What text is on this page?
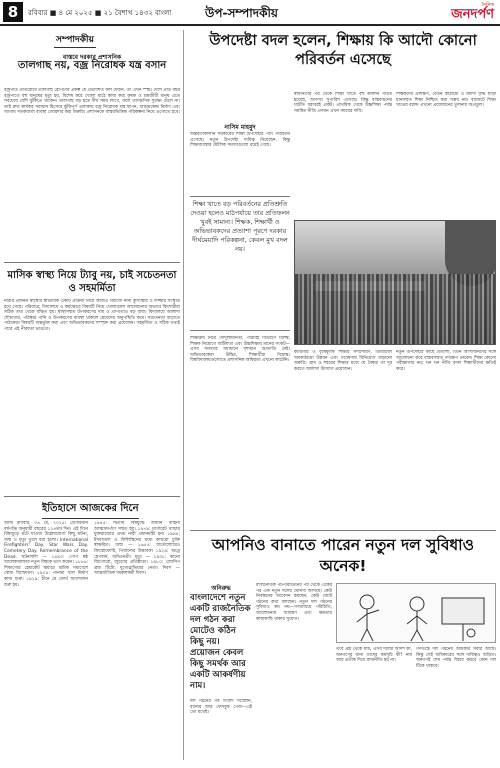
8	রবিবার ■ ৪ মে ২০২৫ ■ ২১ বৈশাখ ১৪৩২ বাংলা	উপ-সম্পাদকীয়
দৈনিক
জনদর্পণ
সম্পাদকীয়
বাস্তবে দরকার প্রশাসনিক
তালগাছ নয়, বজ্র নিরোধক যন্ত্র বসান
বজ্রপাত প্রতিরোধে তালগাছ রোপণের প্রকল্প যে প্রত্যাশিত ফল দেয়নি, তা এখন স্পষ্ট। দেশে প্রতি বছর বজ্রপাতে বহু মানুষের মৃত্যু হয়, বিশেষ করে খোলা মাঠে কাজ করা কৃষক ও শ্রমজীবী মানুষ এতে সবচেয়ে বেশি ঝুঁকিতে থাকেন। তালগাছ বড় হতে দীর্ঘ সময় লাগে, ফলে তাৎক্ষণিক সুরক্ষা মেলে না। তাই দ্রুত কার্যকর সমাধান হিসেবে ঝুঁকিপূর্ণ এলাকায় বজ্র নিরোধক যন্ত্র স্থাপন, আশ্রয়কেন্দ্র নির্মাণ এবং আগাম সতর্কবার্তা ব্যবস্থা জোরদার করা জরুরি। প্রশাসনকে বাস্তবভিত্তিক পরিকল্পনা নিয়ে এগোতে হবে।
মাসিক স্বাস্থ্য নিয়ে ট্যাবু নয়, চাই সচেতনতা ও সহমর্মিতা
নারীর প্রজনন স্বাস্থ্যের স্বাভাবিক একটি প্রক্রিয়া নিয়ে আজও সমাজে নানা কুসংস্কার ও লজ্জার সংস্কৃতি রয়ে গেছে। পরিবারে, বিদ্যালয়ে ও কর্মক্ষেত্রে বিষয়টি নিয়ে খোলামেলা আলোচনার অভাবে কিশোরীরা সঠিক তথ্য থেকে বঞ্চিত হয়। স্বাস্থ্যসম্মত উপকরণের দাম ও প্রাপ্যতাও বড় বাধা। বিদ্যালয়ে আলাদা শৌচাগার, পরিষ্কার পানি ও উপকরণের ব্যবস্থা থাকলে মেয়েদের অনুপস্থিতি কমে। সচেতনতা বাড়াতে পাঠ্যক্রমে বিষয়টি অন্তর্ভুক্ত করা এবং অভিভাবকদের সম্পৃক্ত করা প্রয়োজন। সহমর্মিতা ও সঠিক তথ্যই পারে এই নীরবতা ভাঙতে।
ইতিহাসে আজকের দিনে
আজ রবিবার, ০৪ মে, ২০২৫। গ্রেগরিয়ান বর্ষপঞ্জি অনুযায়ী বছরের ১২৪তম দিন। এই দিনে বিশ্বজুড়ে ঘটে যাওয়া উল্লেখযোগ্য কিছু ঘটনা, জন্ম ও মৃত্যু তুলে ধরা হলো। International Firefighters' Day. Star Wars Day. Cemetery Day. Remembrance of the Dead. ঘটনাবলি — ১৪৯৩: পোপ ষষ্ঠ আলেকজান্ডার নতুন বিশ্বকে ভাগ করেন। ১৮৮৬: শিকাগোর হেমার্কেট স্কয়ারে শ্রমিক সমাবেশে বোমা বিস্ফোরণ। ১৯০৪: পানামা খাল নির্মাণ কাজ শুরু। ১৯১৯: চীনে মে ফোর্থ আন্দোলন শুরু হয়।
১৯৪৫: দ্বিতীয় বিশ্বযুদ্ধে জার্মান বাহিনী আত্মসমর্পণে সম্মত হয়। ১৯৭৯: মার্গারেট থ্যাচার যুক্তরাজ্যের প্রথম নারী প্রধানমন্ত্রী হন। ১৯৯৪: ইসরায়েল ও ফিলিস্তিনের মধ্যে কায়রো চুক্তি স্বাক্ষরিত। জন্ম — ১৬৫৫: বার্তোলোমেও ক্রিস্তোফোরি, পিয়ানোর উদ্ভাবক। ১৯২৯: অড্রে হেপবার্ন, অভিনেত্রী। মৃত্যু — ১৯৩৮: কানো জিগোরো, জুডোর প্রতিষ্ঠাতা। ১৯৮০: জোসিপ ব্রজ টিটো, যুগোস্লাভিয়ার নেতা। দিবস — আন্তর্জাতিক দমকলকর্মী দিবস।
উপদেষ্টা বদল হলেন, শিক্ষায় কি আদৌ কোনো পরিবর্তন এসেছে
নাসিম মাহমুদ
অন্তর্বর্তীকালীন সরকারের শিক্ষা উপদেষ্টার পদে পরিবর্তন এসেছে। নতুন উপদেষ্টা দায়িত্ব নিয়েছেন, কিন্তু শিক্ষাব্যবস্থার মৌলিক সমস্যাগুলো রয়েই গেছে।
শিক্ষা খাতে বড় পরিবর্তনের প্রতিশ্রুতি দেওয়া হলেও মাঠপর্যায়ে তার প্রতিফলন খুবই সামান্য। শিক্ষক, শিক্ষার্থী ও অভিভাবকদের প্রত্যাশা পূরণে দরকার দীর্ঘমেয়াদি পরিকল্পনা, কেবল মুখ বদল নয়।
শিক্ষাক্রম নিয়ে দোদুল্যমানতা, পাঠ্যবই বিতরণে বিলম্ব, শিক্ষক নিয়োগে জটিলতা এবং উচ্চশিক্ষায় মানের সংকট—এসব সমস্যার সমাধানে দৃশ্যমান অগ্রগতি নেই। অভিভাবকেরা উদ্বিগ্ন, শিক্ষার্থীরা বিভ্রান্ত। বিশ্ববিদ্যালয়গুলোতে প্রশাসনিক অস্থিরতা এখনো কাটেনি।
স্বাধীনতার পর থেকে শিক্ষা খাতে বহু কমিশন গঠিত হয়েছে, অসংখ্য সুপারিশ এসেছে। কিন্তু বাস্তবায়নের ঘাটতি বরাবরই প্রকট। প্রাথমিক থেকে উচ্চশিক্ষা পর্যন্ত সমন্বিত নীতি প্রণয়ন এখন সময়ের দাবি।
শিক্ষকদের প্রশিক্ষণ, বেতন কাঠামো ও মর্যাদা বৃদ্ধি ছাড়া মানসম্মত শিক্ষা নিশ্চিত করা সম্ভব নয়। বাজেটে শিক্ষা খাতের বরাদ্দ এখনো প্রয়োজনের তুলনায় অপ্রতুল।
কারিগরি ও বৃত্তিমূলক শিক্ষার সম্প্রসারণ, ডিজিটাল অবকাঠামো উন্নয়ন এবং গবেষণায় বিনিয়োগ বাড়ানো জরুরি। গ্রাম ও শহরের শিক্ষার মধ্যে যে বৈষম্য তা দূর করতে আলাদা উদ্যোগ প্রয়োজন।
নতুন উপদেষ্টার কাছে প্রত্যাশা, তিনি অংশীজনদের সঙ্গে আলোচনা করে বাস্তবসম্মত পদক্ষেপ নেবেন। শিক্ষা কোনো পরীক্ষাগার নয়; ঘন ঘন নীতি বদল শিক্ষার্থীদের ক্ষতিই করে।
আপনিও বানাতে পারেন নতুন দল সুবিধাও অনেক!
অনিরুদ্ধ
বাংলাদেশে নতুন একটি রাজনৈতিক দল গঠন করা মোটেও কঠিন কিছু নয়। প্রয়োজন কেবল কিছু সমর্থক আর একটি আকর্ষণীয় নাম।
দল গঠনের পর সংবাদ সম্মেলন, ব্যানার আর ফেসবুক পেজ—এই তো যথেষ্ট।
রাজনৈতিক পটপরিবর্তনের পর থেকে একের পর এক নতুন দলের ঘোষণা আসছে। কেউ নিবন্ধনের আবেদন করছেন, কেউ জোট গঠনের কথা বলছেন। নতুন দল গঠনের সুবিধাও কম নয়—গণমাধ্যমে পরিচিতি, আলোচনায় আমন্ত্রণ এবং ক্ষমতার কাছাকাছি থাকার সুযোগ।
তবে প্রশ্ন থেকে যায়, এসব দলের আদর্শ কী, জনগণের জন্য তাদের কর্মসূচি কী? নাম আর প্রতীক দিয়ে রাজনীতি হয় না।
গণতন্ত্রে দল গঠনের অধিকার সবার আছে। কিন্তু সেই অধিকারের সঙ্গে দায়িত্বও জড়িত। জনগণই শেষ পর্যন্ত বিচার করবে কোন দল টিকে থাকবে।
